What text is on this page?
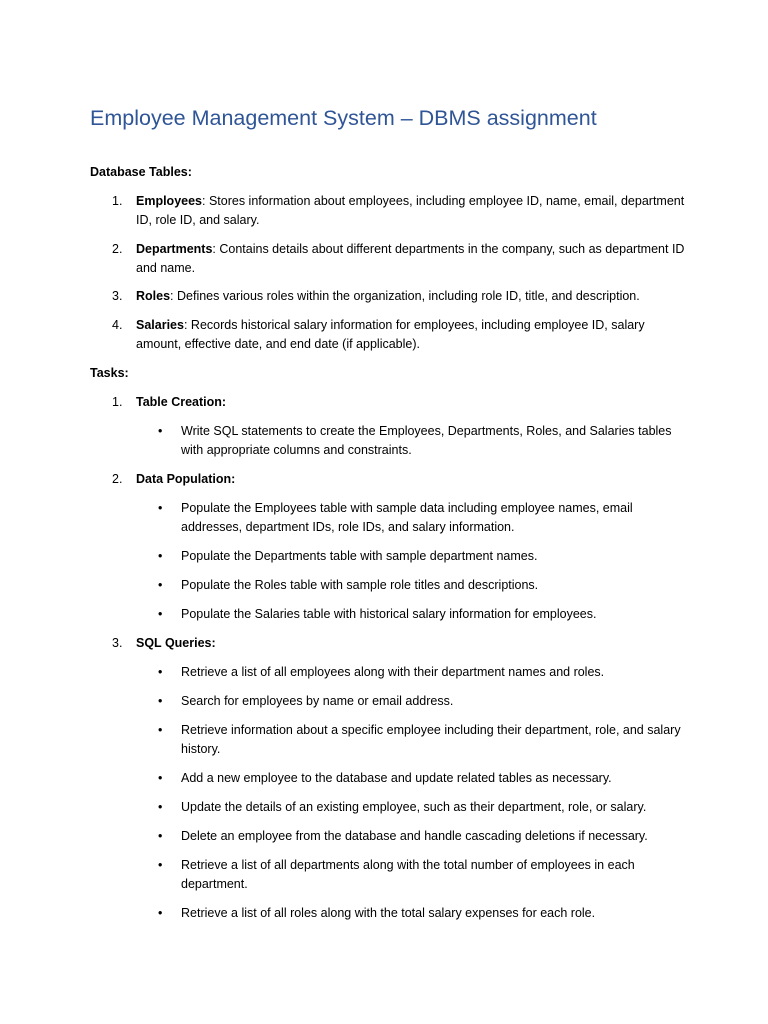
Employee Management System – DBMS assignment
Database Tables:
1.	Employees: Stores information about employees, including employee ID, name, email, department ID, role ID, and salary.
2.	Departments: Contains details about different departments in the company, such as department ID and name.
3.	Roles: Defines various roles within the organization, including role ID, title, and description.
4.	Salaries: Records historical salary information for employees, including employee ID, salary amount, effective date, and end date (if applicable).
Tasks:
1.	Table Creation:
• Write SQL statements to create the Employees, Departments, Roles, and Salaries tables with appropriate columns and constraints.
2.	Data Population:
• Populate the Employees table with sample data including employee names, email addresses, department IDs, role IDs, and salary information.
• Populate the Departments table with sample department names.
• Populate the Roles table with sample role titles and descriptions.
• Populate the Salaries table with historical salary information for employees.
3.	SQL Queries:
• Retrieve a list of all employees along with their department names and roles.
• Search for employees by name or email address.
• Retrieve information about a specific employee including their department, role, and salary history.
• Add a new employee to the database and update related tables as necessary.
• Update the details of an existing employee, such as their department, role, or salary.
• Delete an employee from the database and handle cascading deletions if necessary.
• Retrieve a list of all departments along with the total number of employees in each department.
• Retrieve a list of all roles along with the total salary expenses for each role.
